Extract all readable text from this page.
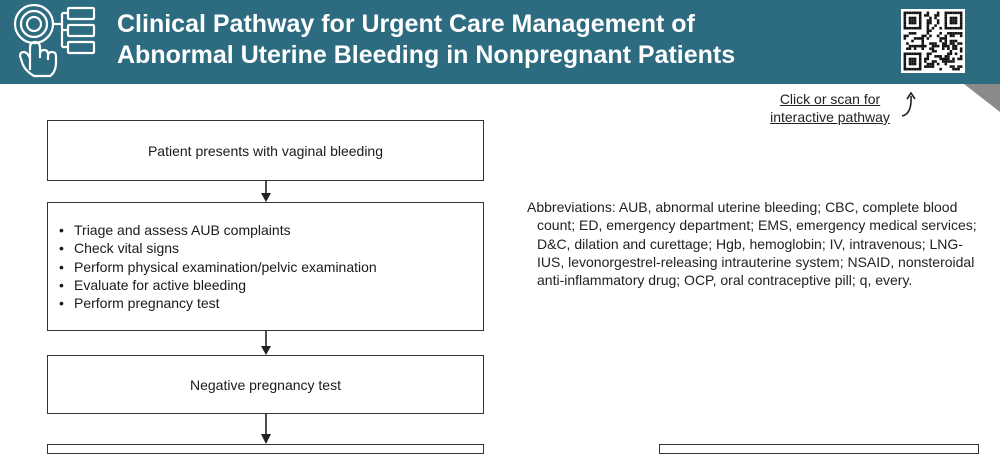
Clinical Pathway for Urgent Care Management of
Abnormal Uterine Bleeding in Nonpregnant Patients
Click or scan for
interactive pathway
Patient presents with vaginal bleeding
• Triage and assess AUB complaints
• Check vital signs
• Perform physical examination/pelvic examination
• Evaluate for active bleeding
• Perform pregnancy test
Negative pregnancy test

Abbreviations: AUB, abnormal uterine bleeding; CBC, complete blood count; ED, emergency department; EMS, emergency medical services; D&C, dilation and curettage; Hgb, hemoglobin; IV, intravenous; LNG-IUS, levonorgestrel-releasing intrauterine system; NSAID, nonsteroidal anti-inflammatory drug; OCP, oral contraceptive pill; q, every.
